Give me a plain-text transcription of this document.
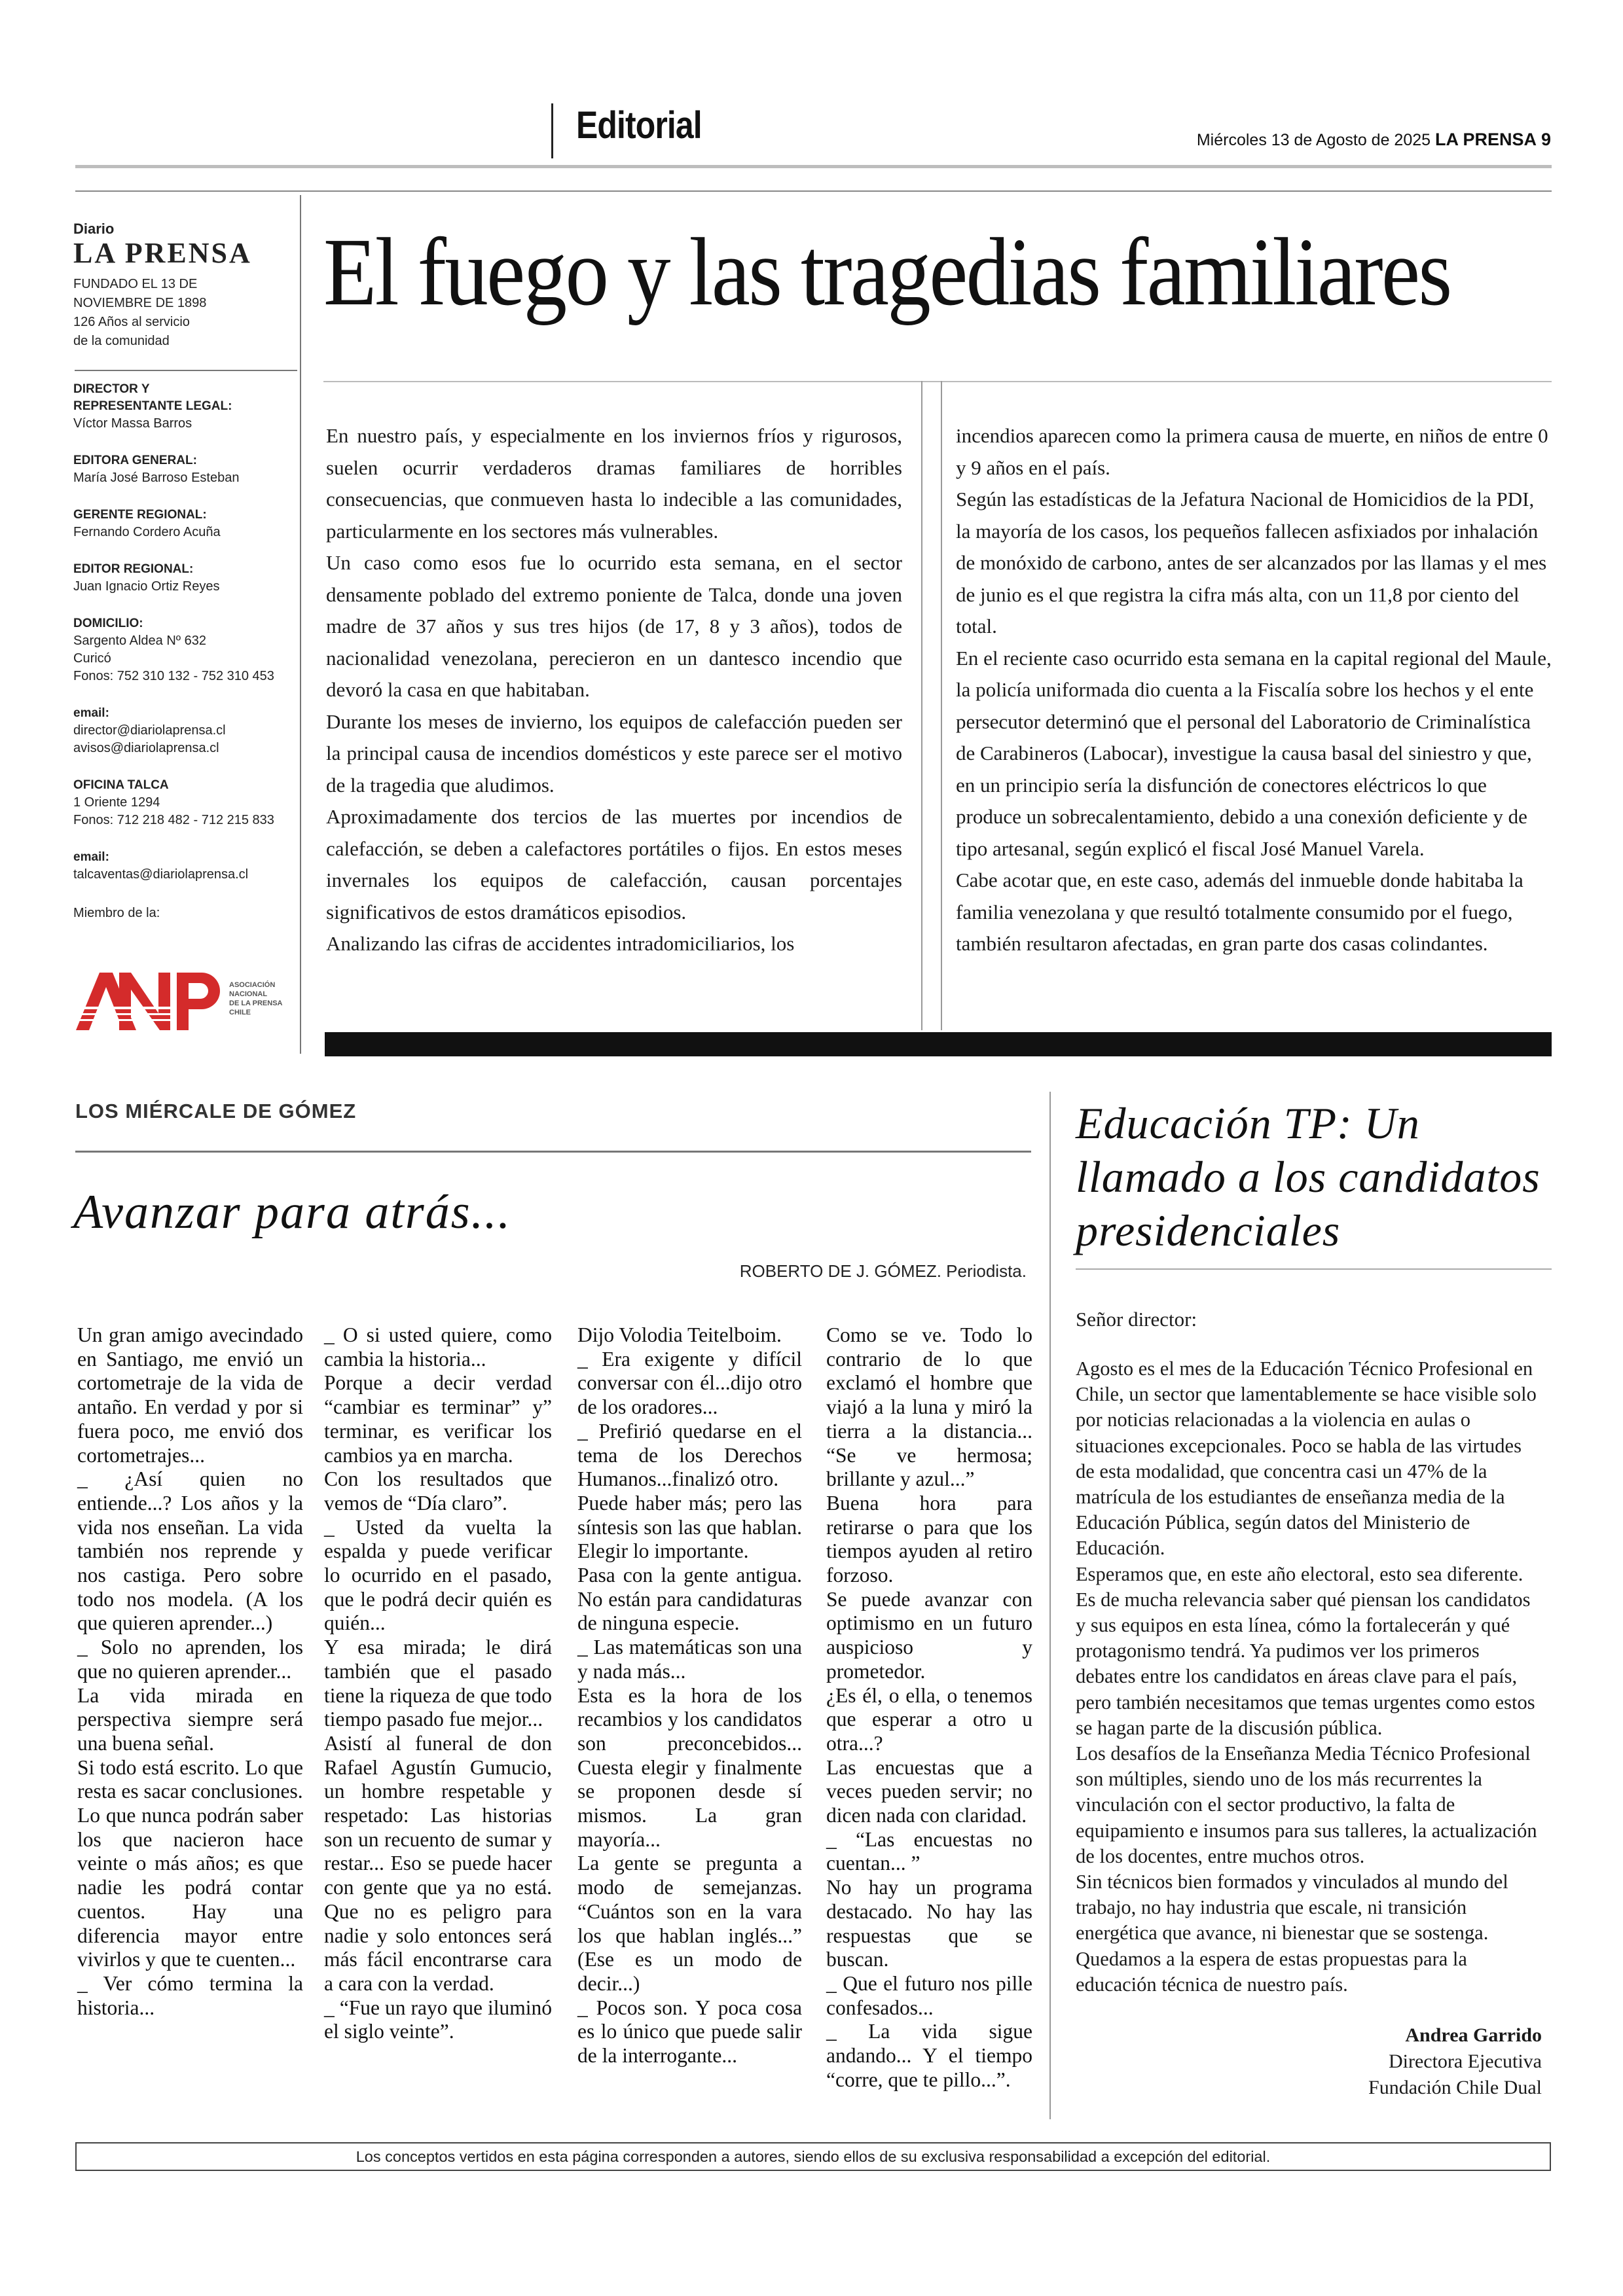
Editorial	Miércoles 13 de Agosto de 2025 LA PRENSA 9
Diario
LA PRENSA
FUNDADO EL 13 DE
NOVIEMBRE DE 1898
126 Años al servicio
de la comunidad
DIRECTOR Y
REPRESENTANTE LEGAL:
Víctor Massa Barros
EDITORA GENERAL:
María José Barroso Esteban
GERENTE REGIONAL:
Fernando Cordero Acuña
EDITOR REGIONAL:
Juan Ignacio Ortiz Reyes
DOMICILIO:
Sargento Aldea Nº 632
Curicó
Fonos: 752 310 132 - 752 310 453
email:
director@diariolaprensa.cl
avisos@diariolaprensa.cl
OFICINA TALCA
1 Oriente 1294
Fonos: 712 218 482 - 712 215 833
email:
talcaventas@diariolaprensa.cl
Miembro de la:
ASOCIACIÓN
NACIONAL
DE LA PRENSA
CHILE
El fuego y las tragedias familiares

En nuestro país, y especialmente en los inviernos fríos y rigurosos, suelen ocurrir verdaderos dramas familiares de horribles consecuencias, que conmueven hasta lo indecible a las comunidades, particularmente en los sectores más vulnerables.

Un caso como esos fue lo ocurrido esta semana, en el sector densamente poblado del extremo poniente de Talca, donde una joven madre de 37 años y sus tres hijos (de 17, 8 y 3 años), todos de nacionalidad venezolana, perecieron en un dantesco incendio que devoró la casa en que habitaban.

Durante los meses de invierno, los equipos de calefacción pueden ser la principal causa de incendios domésticos y este parece ser el motivo de la tragedia que aludimos.

Aproximadamente dos tercios de las muertes por incendios de calefacción, se deben a calefactores portátiles o fijos. En estos meses invernales los equipos de calefacción, causan porcentajes significativos de estos dramáticos episodios.

Analizando las cifras de accidentes intradomiciliarios, los

incendios aparecen como la primera causa de muerte, en niños de entre 0 y 9 años en el país.

Según las estadísticas de la Jefatura Nacional de Homicidios de la PDI, la mayoría de los casos, los pequeños fallecen asfixiados por inhalación de monóxido de carbono, antes de ser alcanzados por las llamas y el mes de junio es el que registra la cifra más alta, con un 11,8 por ciento del total.

En el reciente caso ocurrido esta semana en la capital regional del Maule, la policía uniformada dio cuenta a la Fiscalía sobre los hechos y el ente persecutor determinó que el personal del Laboratorio de Criminalística de Carabineros (Labocar), investigue la causa basal del siniestro y que, en un principio sería la disfunción de conectores eléctricos lo que produce un sobrecalentamiento, debido a una conexión deficiente y de tipo artesanal, según explicó el fiscal José Manuel Varela.

Cabe acotar que, en este caso, además del inmueble donde habitaba la familia venezolana y que resultó totalmente consumido por el fuego, también resultaron afectadas, en gran parte dos casas colindantes.

LOS MIÉRCALE DE GÓMEZ
Avanzar para atrás...
ROBERTO DE J. GÓMEZ. Periodista.

Un gran amigo avecindado en Santiago, me envió un cortometraje de la vida de antaño. En verdad y por si fuera poco, me envió dos cortometrajes...

_ ¿Así quien no entiende...? Los años y la vida nos enseñan. La vida también nos reprende y nos castiga. Pero sobre todo nos modela. (A los que quieren aprender...)

_ Solo no aprenden, los que no quieren aprender...

La vida mirada en perspectiva siempre será una buena señal.

Si todo está escrito. Lo que resta es sacar conclusiones.

Lo que nunca podrán saber los que nacieron hace veinte o más años; es que nadie les podrá contar cuentos. Hay una diferencia mayor entre vivirlos y que te cuenten...

_ Ver cómo termina la historia...

_ O si usted quiere, como cambia la historia...

Porque a decir verdad “cambiar es terminar” y” terminar, es verificar los cambios ya en marcha.

Con los resultados que vemos de “Día claro”.

_ Usted da vuelta la espalda y puede verificar lo ocurrido en el pasado, que le podrá decir quién es quién...

Y esa mirada; le dirá también que el pasado tiene la riqueza de que todo tiempo pasado fue mejor...

Asistí al funeral de don Rafael Agustín Gumucio, un hombre respetable y respetado: Las historias son un recuento de sumar y restar... Eso se puede hacer con gente que ya no está. Que no es peligro para nadie y solo entonces será más fácil encontrarse cara a cara con la verdad.

_ “Fue un rayo que iluminó el siglo veinte”.

Dijo Volodia Teitelboim.

_ Era exigente y difícil conversar con él...dijo otro de los oradores...

_ Prefirió quedarse en el tema de los Derechos Humanos...finalizó otro.

Puede haber más; pero las síntesis son las que hablan. Elegir lo importante.

Pasa con la gente antigua. No están para candidaturas de ninguna especie.

_ Las matemáticas son una y nada más...

Esta es la hora de los recambios y los candidatos son preconcebidos... Cuesta elegir y finalmente se proponen desde sí mismos. La gran mayoría...

La gente se pregunta a modo de semejanzas. “Cuántos son en la vara los que hablan inglés...” (Ese es un modo de decir...)

_ Pocos son. Y poca cosa es lo único que puede salir de la interrogante...

Como se ve. Todo lo contrario de lo que exclamó el hombre que viajó a la luna y miró la tierra a la distancia... “Se ve hermosa; brillante y azul...”

Buena hora para retirarse o para que los tiempos ayuden al retiro forzoso.

Se puede avanzar con optimismo en un futuro auspicioso y prometedor.

¿Es él, o ella, o tenemos que esperar a otro u otra...?

Las encuestas que a veces pueden servir; no dicen nada con claridad.

_ “Las encuestas no cuentan... ”

No hay un programa destacado. No hay las respuestas que se buscan.

_ Que el futuro nos pille confesados...

_ La vida sigue andando... Y el tiempo “corre, que te pillo...”.

Educación TP: Un llamado a los candidatos presidenciales
Señor director:

Agosto es el mes de la Educación Técnico Profesional en Chile, un sector que lamentablemente se hace visible solo por noticias relacionadas a la violencia en aulas o situaciones excepcionales. Poco se habla de las virtudes de esta modalidad, que concentra casi un 47% de la matrícula de los estudiantes de enseñanza media de la Educación Pública, según datos del Ministerio de Educación.

Esperamos que, en este año electoral, esto sea diferente. Es de mucha relevancia saber qué piensan los candidatos y sus equipos en esta línea, cómo la fortalecerán y qué protagonismo tendrá. Ya pudimos ver los primeros debates entre los candidatos en áreas clave para el país, pero también necesitamos que temas urgentes como estos se hagan parte de la discusión pública.

Los desafíos de la Enseñanza Media Técnico Profesional son múltiples, siendo uno de los más recurrentes la vinculación con el sector productivo, la falta de equipamiento e insumos para sus talleres, la actualización de los docentes, entre muchos otros.

Sin técnicos bien formados y vinculados al mundo del trabajo, no hay industria que escale, ni transición energética que avance, ni bienestar que se sostenga.

Quedamos a la espera de estas propuestas para la educación técnica de nuestro país.

Andrea Garrido
Directora Ejecutiva
Fundación Chile Dual
Los conceptos vertidos en esta página corresponden a autores, siendo ellos de su exclusiva responsabilidad a excepción del editorial.
